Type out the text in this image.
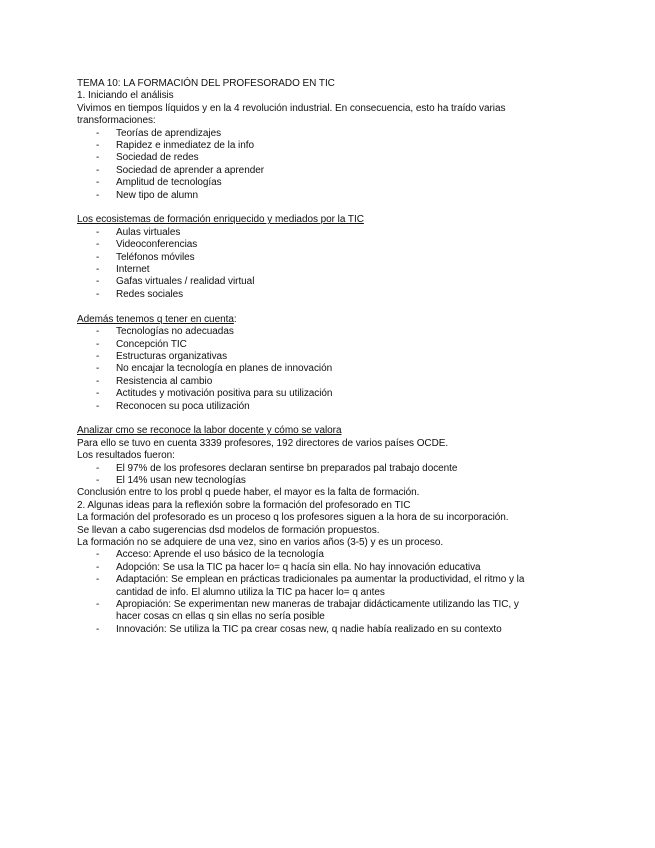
TEMA 10: LA FORMACIÓN DEL PROFESORADO EN TIC
1. Iniciando el análisis
Vivimos en tiempos líquidos y en la 4 revolución industrial. En consecuencia, esto ha traído varias
transformaciones:
- Teorías de aprendizajes
- Rapidez e inmediatez de la info
- Sociedad de redes
- Sociedad de aprender a aprender
- Amplitud de tecnologías
- New tipo de alumn
Los ecosistemas de formación enriquecido y mediados por la TIC
- Aulas virtuales
- Videoconferencias
- Teléfonos móviles
- Internet
- Gafas virtuales / realidad virtual
- Redes sociales
Además tenemos q tener en cuenta:
- Tecnologías no adecuadas
- Concepción TIC
- Estructuras organizativas
- No encajar la tecnología en planes de innovación
- Resistencia al cambio
- Actitudes y motivación positiva para su utilización
- Reconocen su poca utilización
Analizar cmo se reconoce la labor docente y cómo se valora
Para ello se tuvo en cuenta 3339 profesores, 192 directores de varios países OCDE.
Los resultados fueron:
- El 97% de los profesores declaran sentirse bn preparados pal trabajo docente
- El 14% usan new tecnologías
Conclusión entre to los probl q puede haber, el mayor es la falta de formación.
2. Algunas ideas para la reflexión sobre la formación del profesorado en TIC
La formación del profesorado es un proceso q los profesores siguen a la hora de su incorporación.
Se llevan a cabo sugerencias dsd modelos de formación propuestos.
La formación no se adquiere de una vez, sino en varios años (3-5) y es un proceso.
- Acceso: Aprende el uso básico de la tecnología
- Adopción: Se usa la TIC pa hacer lo= q hacía sin ella. No hay innovación educativa
- Adaptación: Se emplean en prácticas tradicionales pa aumentar la productividad, el ritmo y la
cantidad de info. El alumno utiliza la TIC pa hacer lo= q antes
- Apropiación: Se experimentan new maneras de trabajar didácticamente utilizando las TIC, y
hacer cosas cn ellas q sin ellas no sería posible
- Innovación: Se utiliza la TIC pa crear cosas new, q nadie había realizado en su contexto
